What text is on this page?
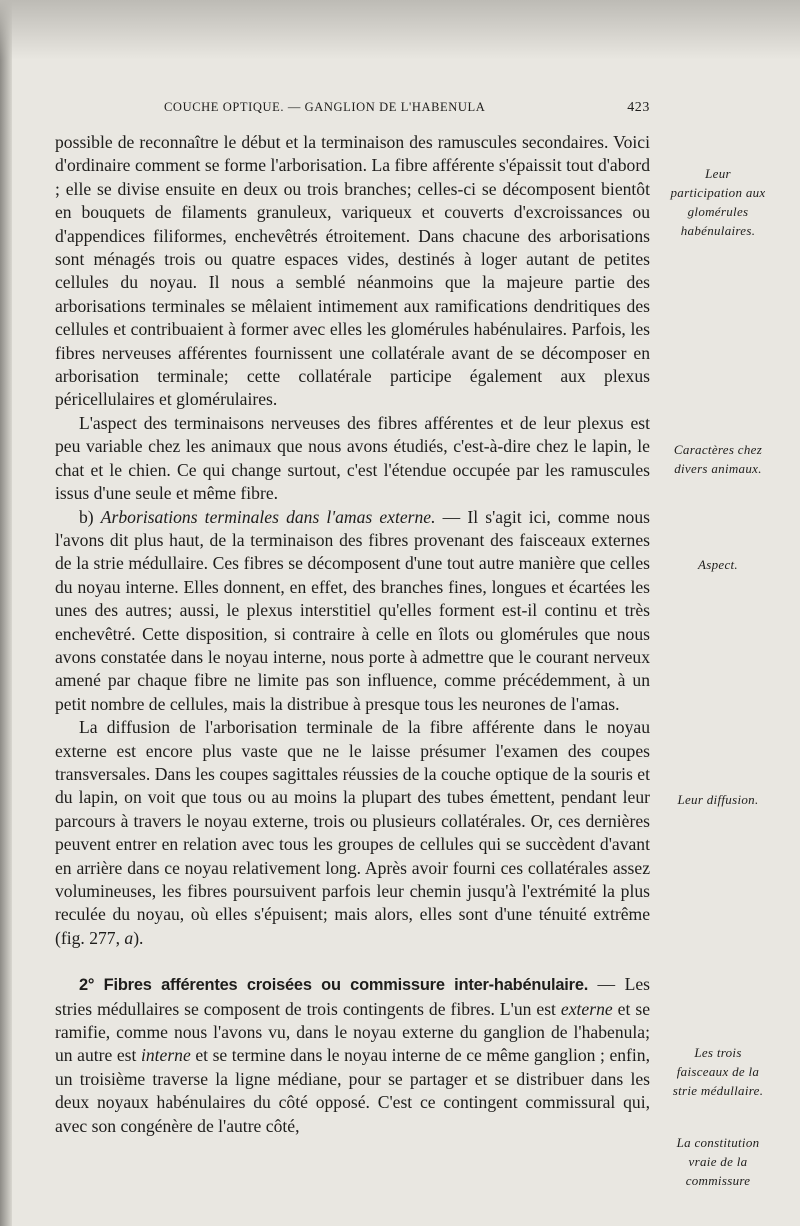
COUCHE OPTIQUE. — GANGLION DE L'HABENULA	423

possible de reconnaître le début et la terminaison des ramuscules secondaires. Voici d'ordinaire comment se forme l'arborisation. La fibre afférente s'épaissit tout d'abord ; elle se divise ensuite en deux ou trois branches; celles-ci se décomposent bientôt en bouquets de filaments granuleux, variqueux et couverts d'excroissances ou d'appendices filiformes, enchevêtrés étroitement. Dans chacune des arborisations sont ménagés trois ou quatre espaces vides, destinés à loger autant de petites cellules du noyau. Il nous a semblé néanmoins que la majeure partie des arborisations terminales se mêlaient intimement aux ramifications dendritiques des cellules et contribuaient à former avec elles les glomérules habénulaires. Parfois, les fibres nerveuses afférentes fournissent une collatérale avant de se décomposer en arborisation terminale; cette collatérale participe également aux plexus péricellulaires et glomérulaires.

L'aspect des terminaisons nerveuses des fibres afférentes et de leur plexus est peu variable chez les animaux que nous avons étudiés, c'est-à-dire chez le lapin, le chat et le chien. Ce qui change surtout, c'est l'étendue occupée par les ramuscules issus d'une seule et même fibre.

b) Arborisations terminales dans l'amas externe. — Il s'agit ici, comme nous l'avons dit plus haut, de la terminaison des fibres provenant des faisceaux externes de la strie médullaire. Ces fibres se décomposent d'une tout autre manière que celles du noyau interne. Elles donnent, en effet, des branches fines, longues et écartées les unes des autres; aussi, le plexus interstitiel qu'elles forment est-il continu et très enchevêtré. Cette disposition, si contraire à celle en îlots ou glomérules que nous avons constatée dans le noyau interne, nous porte à admettre que le courant nerveux amené par chaque fibre ne limite pas son influence, comme précédemment, à un petit nombre de cellules, mais la distribue à presque tous les neurones de l'amas.

La diffusion de l'arborisation terminale de la fibre afférente dans le noyau externe est encore plus vaste que ne le laisse présumer l'examen des coupes transversales. Dans les coupes sagittales réussies de la couche optique de la souris et du lapin, on voit que tous ou au moins la plupart des tubes émettent, pendant leur parcours à travers le noyau externe, trois ou plusieurs collatérales. Or, ces dernières peuvent entrer en relation avec tous les groupes de cellules qui se succèdent d'avant en arrière dans ce noyau relativement long. Après avoir fourni ces collatérales assez volumineuses, les fibres poursuivent parfois leur chemin jusqu'à l'extrémité la plus reculée du noyau, où elles s'épuisent; mais alors, elles sont d'une ténuité extrême (fig. 277, a).

2° Fibres afférentes croisées ou commissure inter-habénulaire. — Les stries médullaires se composent de trois contingents de fibres. L'un est externe et se ramifie, comme nous l'avons vu, dans le noyau externe du ganglion de l'habenula; un autre est interne et se termine dans le noyau interne de ce même ganglion ; enfin, un troisième traverse la ligne médiane, pour se partager et se distribuer dans les deux noyaux habénulaires du côté opposé. C'est ce contingent commissural qui, avec son congénère de l'autre côté,

Leur participation aux glomérules habénulaires.
Caractères chez divers animaux.
Aspect.
Leur diffusion.
Les trois faisceaux de la strie médullaire.
La constitution vraie de la commissure
